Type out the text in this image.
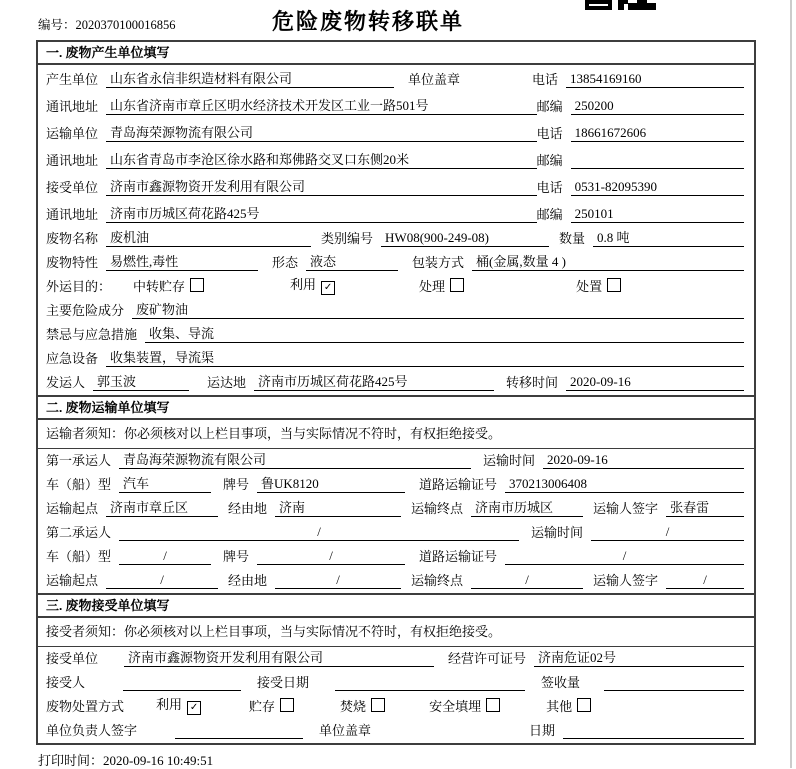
编号：2020370100016856	危险废物转移联单
一. 废物产生单位填写
产生单位 山东省永信非织造材料有限公司	单位盖章	电话 13854169160
通讯地址 山东省济南市章丘区明水经济技术开发区工业一路501号	邮编 250200
运输单位 青岛海荣源物流有限公司	电话 18661672606
通讯地址 山东省青岛市李沧区徐水路和郑佛路交叉口东侧20米	邮编
接受单位 济南市鑫源物资开发利用有限公司	电话 0531-82095390
通讯地址 济南市历城区荷花路425号	邮编 250101
废物名称 废机油	类别编号 HW08(900-249-08)	数量 0.8 吨
废物特性 易燃性,毒性	形态 液态	包装方式 桶(金属,数量 4 )
外运目的： 中转贮存	利用 ✓	处理	处置
主要危险成分 废矿物油
禁忌与应急措施 收集、导流
应急设备 收集装置，导流渠
发运人 郭玉波	运达地 济南市历城区荷花路425号	转移时间 2020-09-16
二. 废物运输单位填写
运输者须知：你必须核对以上栏目事项，当与实际情况不符时，有权拒绝接受。
第一承运人 青岛海荣源物流有限公司	运输时间 2020-09-16
车（船）型 汽车	牌号 鲁UK8120	道路运输证号 370213006408
运输起点 济南市章丘区	经由地 济南	运输终点 济南市历城区	运输人签字 张春雷
第二承运人	/	运输时间	/
车（船）型	/	牌号	/	道路运输证号	/
运输起点	/	经由地	/	运输终点	/	运输人签字	/
三. 废物接受单位填写
接受者须知：你必须核对以上栏目事项，当与实际情况不符时，有权拒绝接受。
接受单位	济南市鑫源物资开发利用有限公司	经营许可证号 济南危证02号
接受人	接受日期	签收量
废物处置方式 利用 ✓	贮存	焚烧	安全填埋	其他
单位负责人签字	单位盖章	日期
打印时间：2020-09-16 10:49:51
